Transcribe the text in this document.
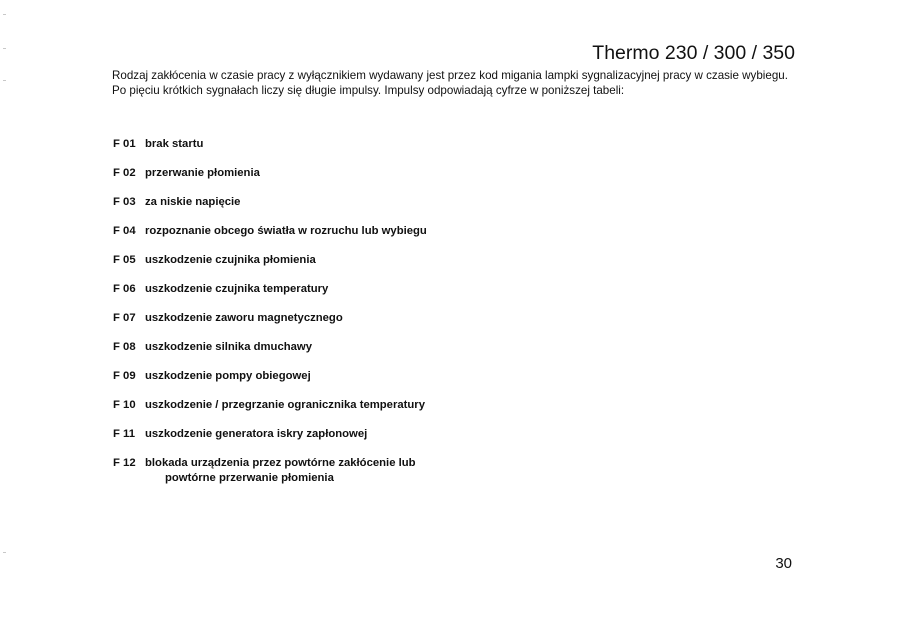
Thermo 230 / 300 / 350
Rodzaj zakłócenia w czasie pracy z wyłącznikiem wydawany jest przez kod migania lampki sygnalizacyjnej pracy w czasie wybiegu. Po pięciu krótkich sygnałach liczy się długie impulsy. Impulsy odpowiadają cyfrze w poniższej tabeli:
F 01 brak startu
F 02 przerwanie płomienia
F 03 za niskie napięcie
F 04 rozpoznanie obcego światła w rozruchu lub wybiegu
F 05 uszkodzenie czujnika płomienia
F 06 uszkodzenie czujnika temperatury
F 07 uszkodzenie zaworu magnetycznego
F 08 uszkodzenie silnika dmuchawy
F 09 uszkodzenie pompy obiegowej
F 10 uszkodzenie / przegrzanie ogranicznika temperatury
F 11 uszkodzenie generatora iskry zapłonowej
F 12 blokada urządzenia przez powtórne zakłócenie lub
powtórne przerwanie płomienia
30
